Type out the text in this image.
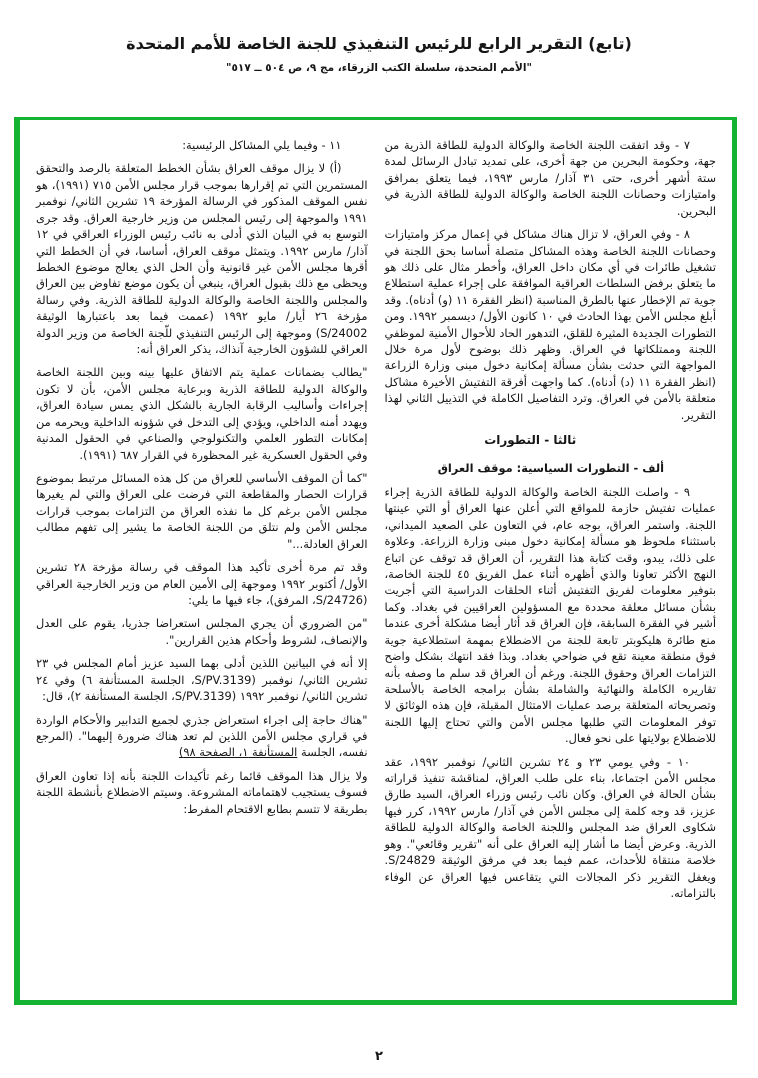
(تابع) التقرير الرابع للرئيس التنفيذي للجنة الخاصة للأمم المتحدة
"الأمم المتحدة، سلسلة الكتب الزرقاء، مج ٩، ص ٥٠٤ ــ ٥١٧"

٧ - وقد اتفقت اللجنة الخاصة والوكالة الدولية للطاقة الذرية من جهة، وحكومة البحرين من جهة أخرى، على تمديد تبادل الرسائل لمدة ستة أشهر أخرى، حتى ٣١ آذار/ مارس ١٩٩٣، فيما يتعلق بمرافق وامتيازات وحصانات اللجنة الخاصة والوكالة الدولية للطاقة الذرية في البحرين.

٨ - وفي العراق، لا تزال هناك مشاكل في إعمال مركز وامتيازات وحصانات اللجنة الخاصة وهذه المشاكل متصلة أساسا بحق اللجنة في تشغيل طائرات في أي مكان داخل العراق، وأخطر مثال على ذلك هو ما يتعلق برفض السلطات العراقية الموافقة على إجراء عملية استطلاع جوية تم الإخطار عنها بالطرق المناسبة (انظر الفقرة ١١ (و) أدناه). وقد أبلغ مجلس الأمن بهذا الحادث في ١٠ كانون الأول/ ديسمبر ١٩٩٢. ومن التطورات الجديدة المثيرة للقلق، التدهور الحاد للأحوال الأمنية لموظفي اللجنة وممتلكاتها في العراق. وظهر ذلك بوضوح لأول مرة خلال المواجهة التي حدثت بشأن مسألة إمكانية دخول مبنى وزارة الزراعة (انظر الفقرة ١١ (د) أدناه). كما واجهت أفرقة التفتيش الأخيرة مشاكل متعلقة بالأمن في العراق. وترد التفاصيل الكاملة في التذييل الثاني لهذا التقرير.

ثالثا - التطورات
ألف - التطورات السياسية: موقف العراق

٩ - واصلت اللجنة الخاصة والوكالة الدولية للطاقة الذرية إجراء عمليات تفتيش حازمة للمواقع التي أعلن عنها العراق أو التي عينتها اللجنة. واستمر العراق، بوجه عام، في التعاون على الصعيد الميداني، باستثناء ملحوظ هو مسألة إمكانية دخول مبنى وزارة الزراعة. وعلاوة على ذلك، يبدو، وقت كتابة هذا التقرير، أن العراق قد توقف عن اتباع النهج الأكثر تعاونا والذي أظهره أثناء عمل الفريق ٤٥ للجنة الخاصة، بتوفير معلومات لفريق التفتيش أثناء الحلقات الدراسية التي أجريت بشأن مسائل معلقة محددة مع المسؤولين العراقيين في بغداد. وكما أشير في الفقرة السابقة، فإن العراق قد أثار أيضا مشكلة أخرى عندما منع طائرة هليكوبتر تابعة للجنة من الاضطلاع بمهمة استطلاعية جوية فوق منطقة معينة تقع في ضواحي بغداد. وبذا فقد انتهك بشكل واضح التزامات العراق وحقوق اللجنة. ورغم أن العراق قد سلم ما وصفه بأنه تقاريره الكاملة والنهائية والشاملة بشأن برامجه الخاصة بالأسلحة وتصريحاته المتعلقة برصد عمليات الامتثال المقبلة، فإن هذه الوثائق لا توفر المعلومات التي طلبها مجلس الأمن والتي تحتاج إليها اللجنة للاضطلاع بولايتها على نحو فعال.

١٠ - وفي يومي ٢٣ و ٢٤ تشرين الثاني/ نوفمبر ١٩٩٢، عقد مجلس الأمن اجتماعا، بناء على طلب العراق، لمناقشة تنفيذ قراراته بشأن الحالة في العراق. وكان نائب رئيس وزراء العراق، السيد طارق عزيز، قد وجه كلمة إلى مجلس الأمن في آذار/ مارس ١٩٩٢، كرر فيها شكاوى العراق ضد المجلس واللجنة الخاصة والوكالة الدولية للطاقة الذرية. وعرض أيضا ما أشار إليه العراق على أنه "تقرير وقائعي". وهو خلاصة منتقاة للأحداث، عمم فيما بعد في مرفق الوثيقة S/24829. ويغفل التقرير ذكر المجالات التي يتقاعس فيها العراق عن الوفاء بالتزاماته.

١١ - وفيما يلي المشاكل الرئيسية:

(أ) لا يزال موقف العراق بشأن الخطط المتعلقة بالرصد والتحقق المستمرين التي تم إقرارها بموجب قرار مجلس الأمن ٧١٥ (١٩٩١)، هو نفس الموقف المذكور في الرسالة المؤرخة ١٩ تشرين الثاني/ نوفمبر ١٩٩١ والموجهة إلى رئيس المجلس من وزير خارجية العراق. وقد جرى التوسع به في البيان الذي أدلى به نائب رئيس الوزراء العراقي في ١٢ آذار/ مارس ١٩٩٢. ويتمثل موقف العراق، أساسا، في أن الخطط التي أقرها مجلس الأمن غير قانونية وأن الحل الذي يعالج موضوع الخطط ويحظى مع ذلك بقبول العراق، ينبغي أن يكون موضع تفاوض بين العراق والمجلس واللجنة الخاصة والوكالة الدولية للطاقة الذرية. وفي رسالة مؤرخة ٢٦ أيار/ مايو ١٩٩٢ (عممت فيما بعد باعتبارها الوثيقة S/24002) وموجهة إلى الرئيس التنفيذي للّجنة الخاصة من وزير الدولة العراقي للشؤون الخارجية آنذاك، يذكر العراق أنه:

"يطالب بضمانات عملية يتم الاتفاق عليها بينه وبين اللجنة الخاصة والوكالة الدولية للطاقة الذرية وبرعاية مجلس الأمن، بأن لا تكون إجراءات وأساليب الرقابة الجارية بالشكل الذي يمس سيادة العراق، ويهدد أمنه الداخلي، ويؤدي إلى التدخل في شؤونه الداخلية ويحرمه من إمكانات التطور العلمي والتكنولوجي والصناعي في الحقول المدنية وفي الحقول العسكرية غير المحظورة في القرار ٦٨٧ (١٩٩١).

"كما أن الموقف الأساسي للعراق من كل هذه المسائل مرتبط بموضوع قرارات الحصار والمقاطعة التي فرضت على العراق والتي لم يغيرها مجلس الأمن برغم كل ما نفذه العراق من التزامات بموجب قرارات مجلس الأمن ولم نتلق من اللجنة الخاصة ما يشير إلى تفهم مطالب العراق العادلة..."

وقد تم مرة أخرى تأكيد هذا الموقف في رسالة مؤرخة ٢٨ تشرين الأول/ أكتوبر ١٩٩٢ وموجهة إلى الأمين العام من وزير الخارجية العراقي (S/24726، المرفق)، جاء فيها ما يلي:

"من الضروري أن يجري المجلس استعراضا جذريا، يقوم على العدل والإنصاف، لشروط وأحكام هذين القرارين".

إلا أنه في البيانين اللذين أدلى بهما السيد عزيز أمام المجلس في ٢٣ تشرين الثاني/ نوفمبر (S/PV.3139، الجلسة المستأنفة ٦) وفي ٢٤ تشرين الثاني/ نوفمبر ١٩٩٢ (S/PV.3139، الجلسة المستأنفة ٢)، قال:

"هناك حاجة إلى اجراء استعراض جذري لجميع التدابير والأحكام الواردة في قراري مجلس الأمن اللذين لم تعد هناك ضرورة إليهما". (المرجع نفسه، الجلسة المستأنفة ١، الصفحة ٩٨)

ولا يزال هذا الموقف قائما رغم تأكيدات اللجنة بأنه إذا تعاون العراق فسوف يستجيب لاهتماماته المشروعة. وسيتم الاضطلاع بأنشطة اللجنة بطريقة لا تتسم بطابع الاقتحام المفرط:

٢
